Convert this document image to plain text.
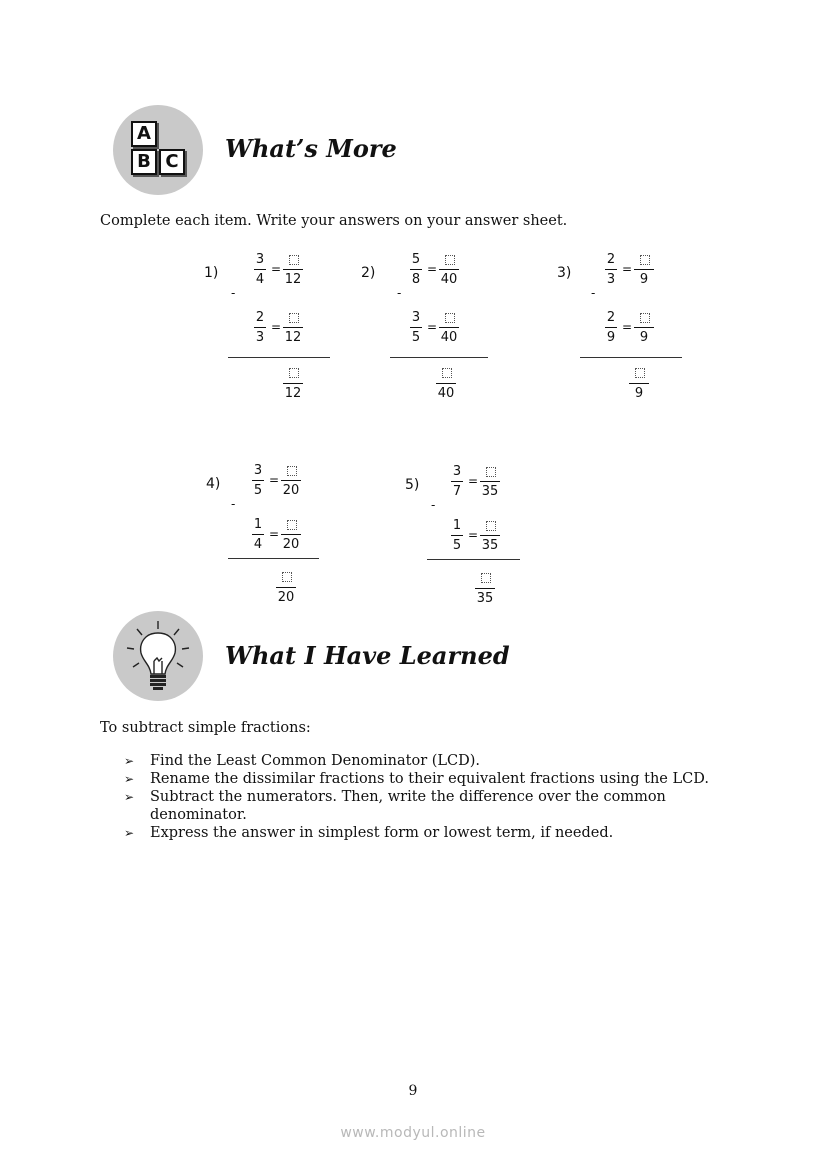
A
B C What’s More
Complete each item. Write your answers on your answer sheet.
1)
3
4
=
12
-
2
3
=
12
12
2)
5
8
=
40
-
3
5
=
40
40
3)
2
3
=
9
-
2
9
=
9
9
4)
3
5
=
20
-
1
4
=
20
20
5)
3
7
=
35
-
1
5
=
35
35
What I Have Learned
To subtract simple fractions:
➢ Find the Least Common Denominator (LCD).
➢ Rename the dissimilar fractions to their equivalent fractions using the LCD.
➢ Subtract the numerators. Then, write the difference over the common denominator.
➢ Express the answer in simplest form or lowest term, if needed.
9
www.modyul.online
